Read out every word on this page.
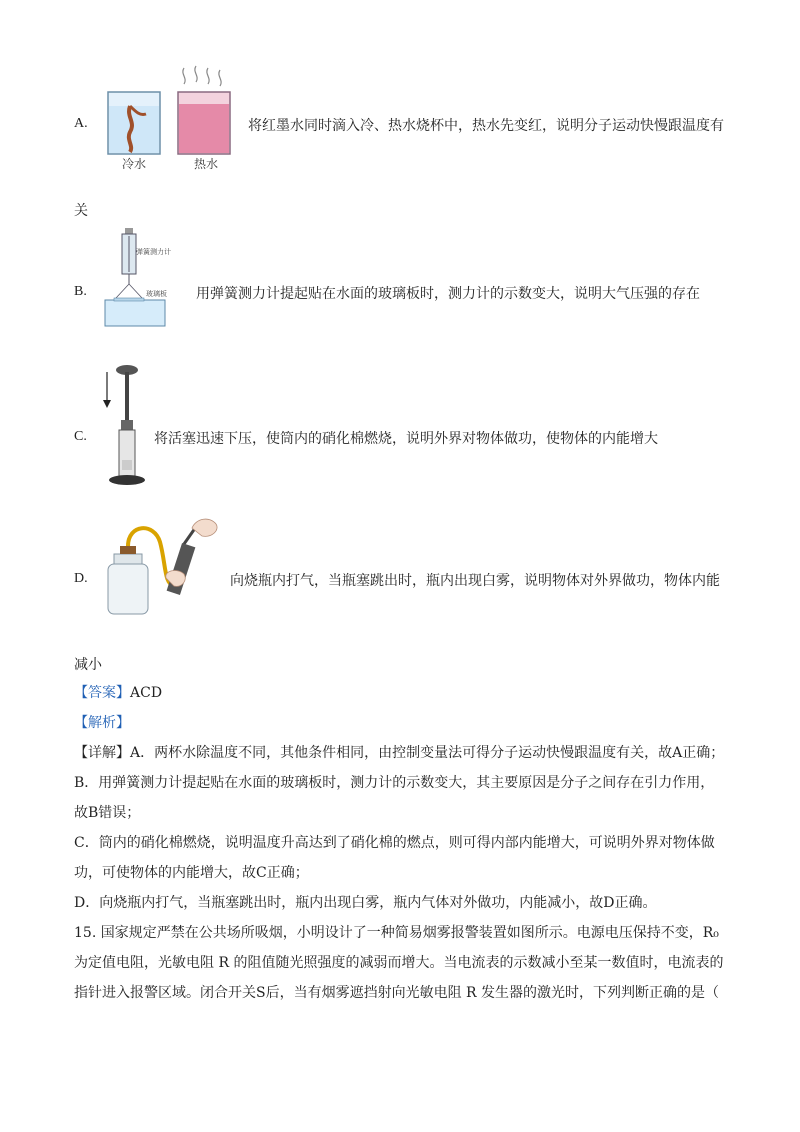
A.
冷水	热水
将红墨水同时滴入冷、热水烧杯中，热水先变红，说明分子运动快慢跟温度有
关
B.
弹簧测力计
玻璃板 用弹簧测力计提起贴在水面的玻璃板时，测力计的示数变大，说明大气压强的存在
C.	将活塞迅速下压，使筒内的硝化棉燃烧，说明外界对物体做功，使物体的内能增大
D.	向烧瓶内打气，当瓶塞跳出时，瓶内出现白雾，说明物体对外界做功，物体内能
减小
【答案】ACD
【解析】
【详解】A．两杯水除温度不同，其他条件相同，由控制变量法可得分子运动快慢跟温度有关，故A正确；
B．用弹簧测力计提起贴在水面的玻璃板时，测力计的示数变大，其主要原因是分子之间存在引力作用，
故B错误；
C．筒内的硝化棉燃烧，说明温度升高达到了硝化棉的燃点，则可得内部内能增大，可说明外界对物体做
功，可使物体的内能增大，故C正确；
D．向烧瓶内打气，当瓶塞跳出时，瓶内出现白雾，瓶内气体对外做功，内能减小，故D正确。
15. 国家规定严禁在公共场所吸烟，小明设计了一种简易烟雾报警装置如图所示。电源电压保持不变，R₀
为定值电阻，光敏电阻 R 的阻值随光照强度的减弱而增大。当电流表的示数减小至某一数值时，电流表的
指针进入报警区域。闭合开关S后，当有烟雾遮挡射向光敏电阻 R 发生器的激光时，下列判断正确的是（
